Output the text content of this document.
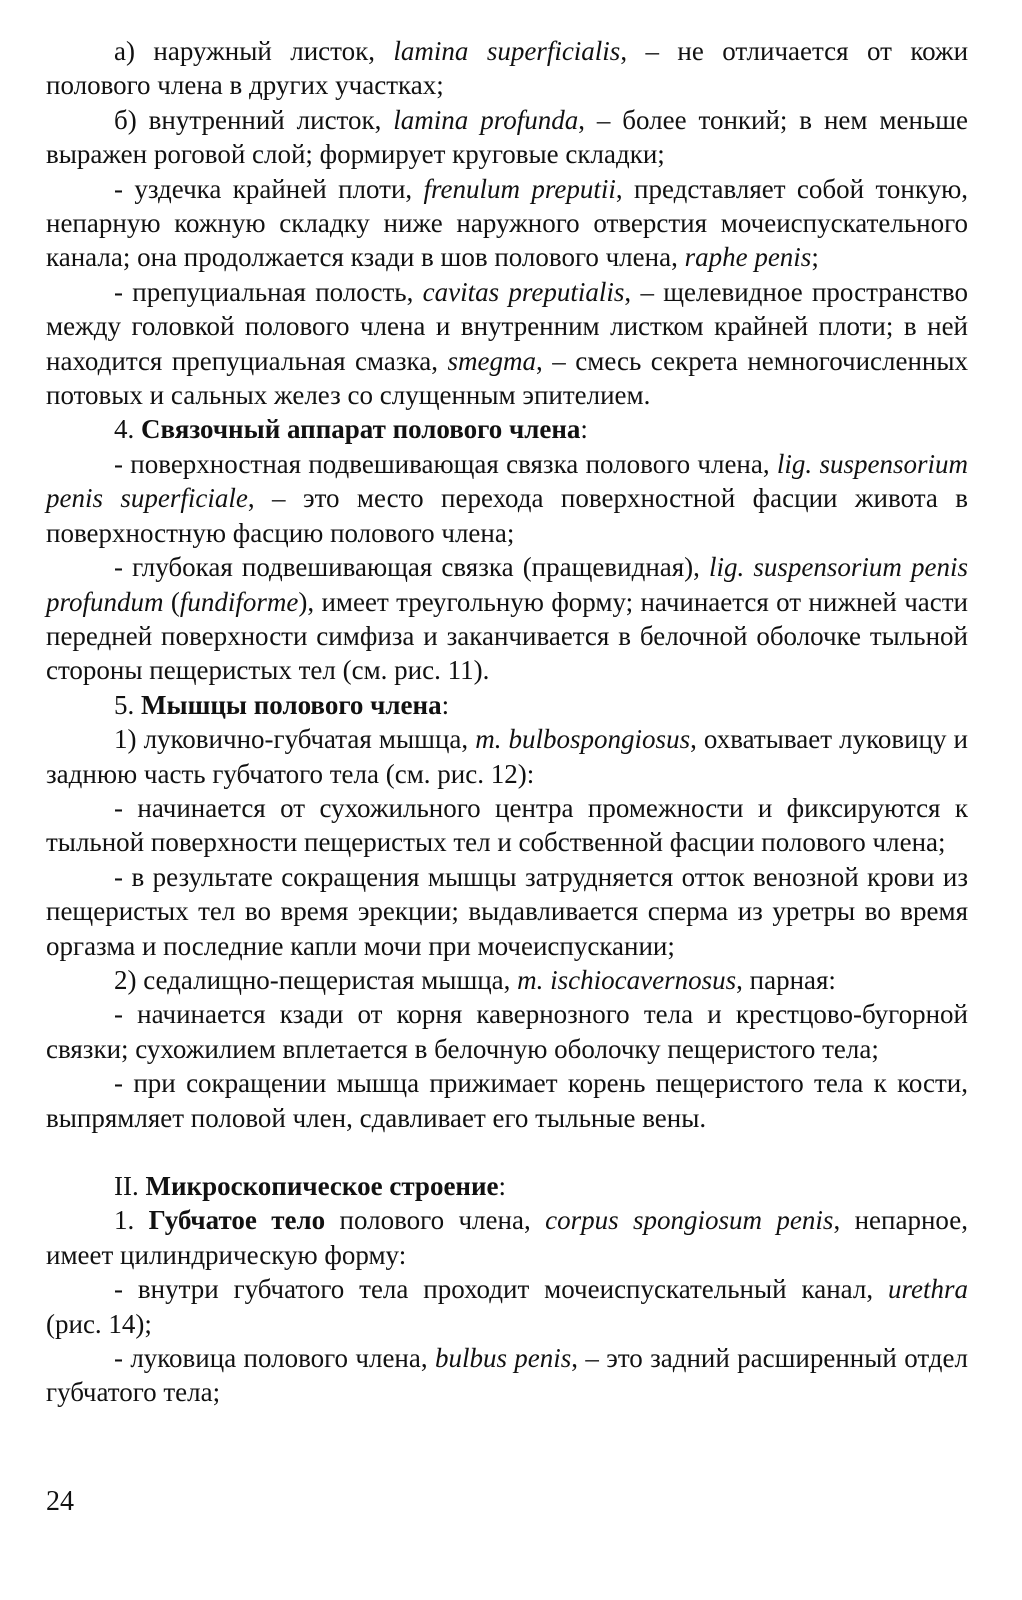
а) наружный листок, lamina superficialis, – не отличается от кожи полового члена в других участках;

б) внутренний листок, lamina profunda, – более тонкий; в нем меньше выражен роговой слой; формирует круговые складки;

- уздечка крайней плоти, frenulum preputii, представляет собой тонкую, непарную кожную складку ниже наружного отверстия мочеиспускательного канала; она продолжается кзади в шов полового члена, raphe penis;

- препуциальная полость, cavitas preputialis, – щелевидное пространство между головкой полового члена и внутренним листком крайней плоти; в ней находится препуциальная смазка, smegma, – смесь секрета немногочисленных потовых и сальных желез со слущенным эпителием.

4. Связочный аппарат полового члена:

- поверхностная подвешивающая связка полового члена, lig. suspensorium penis superficiale, – это место перехода поверхностной фасции живота в поверхностную фасцию полового члена;

- глубокая подвешивающая связка (пращевидная), lig. suspensorium penis profundum (fundiforme), имеет треугольную форму; начинается от нижней части передней поверхности симфиза и заканчивается в белочной оболочке тыльной стороны пещеристых тел (см. рис. 11).

5. Мышцы полового члена:

1) луковично-губчатая мышца, m. bulbospongiosus, охватывает луковицу и заднюю часть губчатого тела (см. рис. 12):

- начинается от сухожильного центра промежности и фиксируются к тыльной поверхности пещеристых тел и собственной фасции полового члена;

- в результате сокращения мышцы затрудняется отток венозной крови из пещеристых тел во время эрекции; выдавливается сперма из уретры во время оргазма и последние капли мочи при мочеиспускании;

2) седалищно-пещеристая мышца, m. ischiocavernosus, парная:

- начинается кзади от корня кавернозного тела и крестцово-бугорной связки; сухожилием вплетается в белочную оболочку пещеристого тела;

- при сокращении мышца прижимает корень пещеристого тела к кости, выпрямляет половой член, сдавливает его тыльные вены.

II. Микроскопическое строение:

1. Губчатое тело полового члена, corpus spongiosum penis, непарное, имеет цилиндрическую форму:

- внутри губчатого тела проходит мочеиспускательный канал, urethra (рис. 14);

- луковица полового члена, bulbus penis, – это задний расширенный отдел губчатого тела;

24
